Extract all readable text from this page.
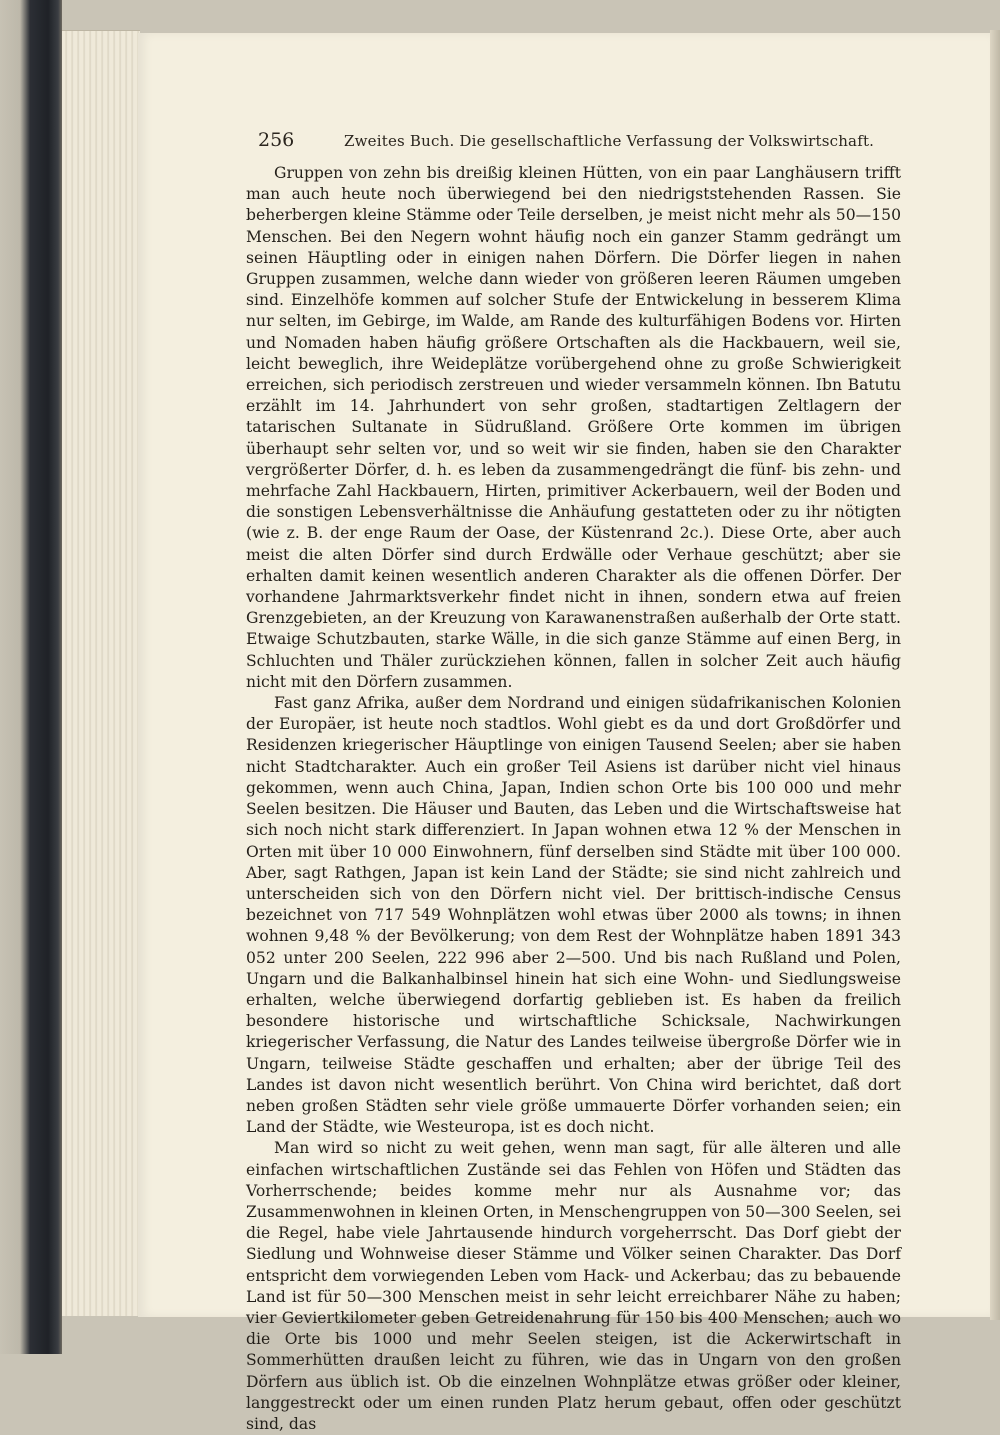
256	Zweites Buch. Die gesellschaftliche Verfassung der Volkswirtschaft.

Gruppen von zehn bis dreißig kleinen Hütten, von ein paar Langhäusern trifft man auch heute noch überwiegend bei den niedrigststehenden Rassen. Sie beherbergen kleine Stämme oder Teile derselben, je meist nicht mehr als 50—150 Menschen. Bei den Negern wohnt häufig noch ein ganzer Stamm gedrängt um seinen Häuptling oder in einigen nahen Dörfern. Die Dörfer liegen in nahen Gruppen zusammen, welche dann wieder von größeren leeren Räumen umgeben sind. Einzelhöfe kommen auf solcher Stufe der Entwickelung in besserem Klima nur selten, im Gebirge, im Walde, am Rande des kulturfähigen Bodens vor. Hirten und Nomaden haben häufig größere Ortschaften als die Hackbauern, weil sie, leicht beweglich, ihre Weideplätze vorübergehend ohne zu große Schwierigkeit erreichen, sich periodisch zerstreuen und wieder versammeln können. Ibn Batutu erzählt im 14. Jahrhundert von sehr großen, stadtartigen Zeltlagern der tatarischen Sultanate in Südrußland. Größere Orte kommen im übrigen überhaupt sehr selten vor, und so weit wir sie finden, haben sie den Charakter vergrößerter Dörfer, d. h. es leben da zusammengedrängt die fünf- bis zehn- und mehrfache Zahl Hackbauern, Hirten, primitiver Ackerbauern, weil der Boden und die sonstigen Lebensverhältnisse die Anhäufung gestatteten oder zu ihr nötigten (wie z. B. der enge Raum der Oase, der Küstenrand 2c.). Diese Orte, aber auch meist die alten Dörfer sind durch Erdwälle oder Verhaue geschützt; aber sie erhalten damit keinen wesentlich anderen Charakter als die offenen Dörfer. Der vorhandene Jahrmarktsverkehr findet nicht in ihnen, sondern etwa auf freien Grenzgebieten, an der Kreuzung von Karawanenstraßen außerhalb der Orte statt. Etwaige Schutzbauten, starke Wälle, in die sich ganze Stämme auf einen Berg, in Schluchten und Thäler zurückziehen können, fallen in solcher Zeit auch häufig nicht mit den Dörfern zusammen.

Fast ganz Afrika, außer dem Nordrand und einigen südafrikanischen Kolonien der Europäer, ist heute noch stadtlos. Wohl giebt es da und dort Großdörfer und Residenzen kriegerischer Häuptlinge von einigen Tausend Seelen; aber sie haben nicht Stadtcharakter. Auch ein großer Teil Asiens ist darüber nicht viel hinaus gekommen, wenn auch China, Japan, Indien schon Orte bis 100 000 und mehr Seelen besitzen. Die Häuser und Bauten, das Leben und die Wirtschaftsweise hat sich noch nicht stark differenziert. In Japan wohnen etwa 12 % der Menschen in Orten mit über 10 000 Einwohnern, fünf derselben sind Städte mit über 100 000. Aber, sagt Rathgen, Japan ist kein Land der Städte; sie sind nicht zahlreich und unterscheiden sich von den Dörfern nicht viel. Der brittisch-indische Census bezeichnet von 717 549 Wohnplätzen wohl etwas über 2000 als towns; in ihnen wohnen 9,48 % der Bevölkerung; von dem Rest der Wohnplätze haben 1891 343 052 unter 200 Seelen, 222 996 aber 2—500. Und bis nach Rußland und Polen, Ungarn und die Balkanhalbinsel hinein hat sich eine Wohn- und Siedlungsweise erhalten, welche überwiegend dorfartig geblieben ist. Es haben da freilich besondere historische und wirtschaftliche Schicksale, Nachwirkungen kriegerischer Verfassung, die Natur des Landes teilweise übergroße Dörfer wie in Ungarn, teilweise Städte geschaffen und erhalten; aber der übrige Teil des Landes ist davon nicht wesentlich berührt. Von China wird berichtet, daß dort neben großen Städten sehr viele größe ummauerte Dörfer vorhanden seien; ein Land der Städte, wie Westeuropa, ist es doch nicht.

Man wird so nicht zu weit gehen, wenn man sagt, für alle älteren und alle einfachen wirtschaftlichen Zustände sei das Fehlen von Höfen und Städten das Vorherrschende; beides komme mehr nur als Ausnahme vor; das Zusammenwohnen in kleinen Orten, in Menschengruppen von 50—300 Seelen, sei die Regel, habe viele Jahrtausende hindurch vorgeherrscht. Das Dorf giebt der Siedlung und Wohnweise dieser Stämme und Völker seinen Charakter. Das Dorf entspricht dem vorwiegenden Leben vom Hack- und Ackerbau; das zu bebauende Land ist für 50—300 Menschen meist in sehr leicht erreichbarer Nähe zu haben; vier Geviertkilometer geben Getreidenahrung für 150 bis 400 Menschen; auch wo die Orte bis 1000 und mehr Seelen steigen, ist die Ackerwirtschaft in Sommerhütten draußen leicht zu führen, wie das in Ungarn von den großen Dörfern aus üblich ist. Ob die einzelnen Wohnplätze etwas größer oder kleiner, langgestreckt oder um einen runden Platz herum gebaut, offen oder geschützt sind, das
